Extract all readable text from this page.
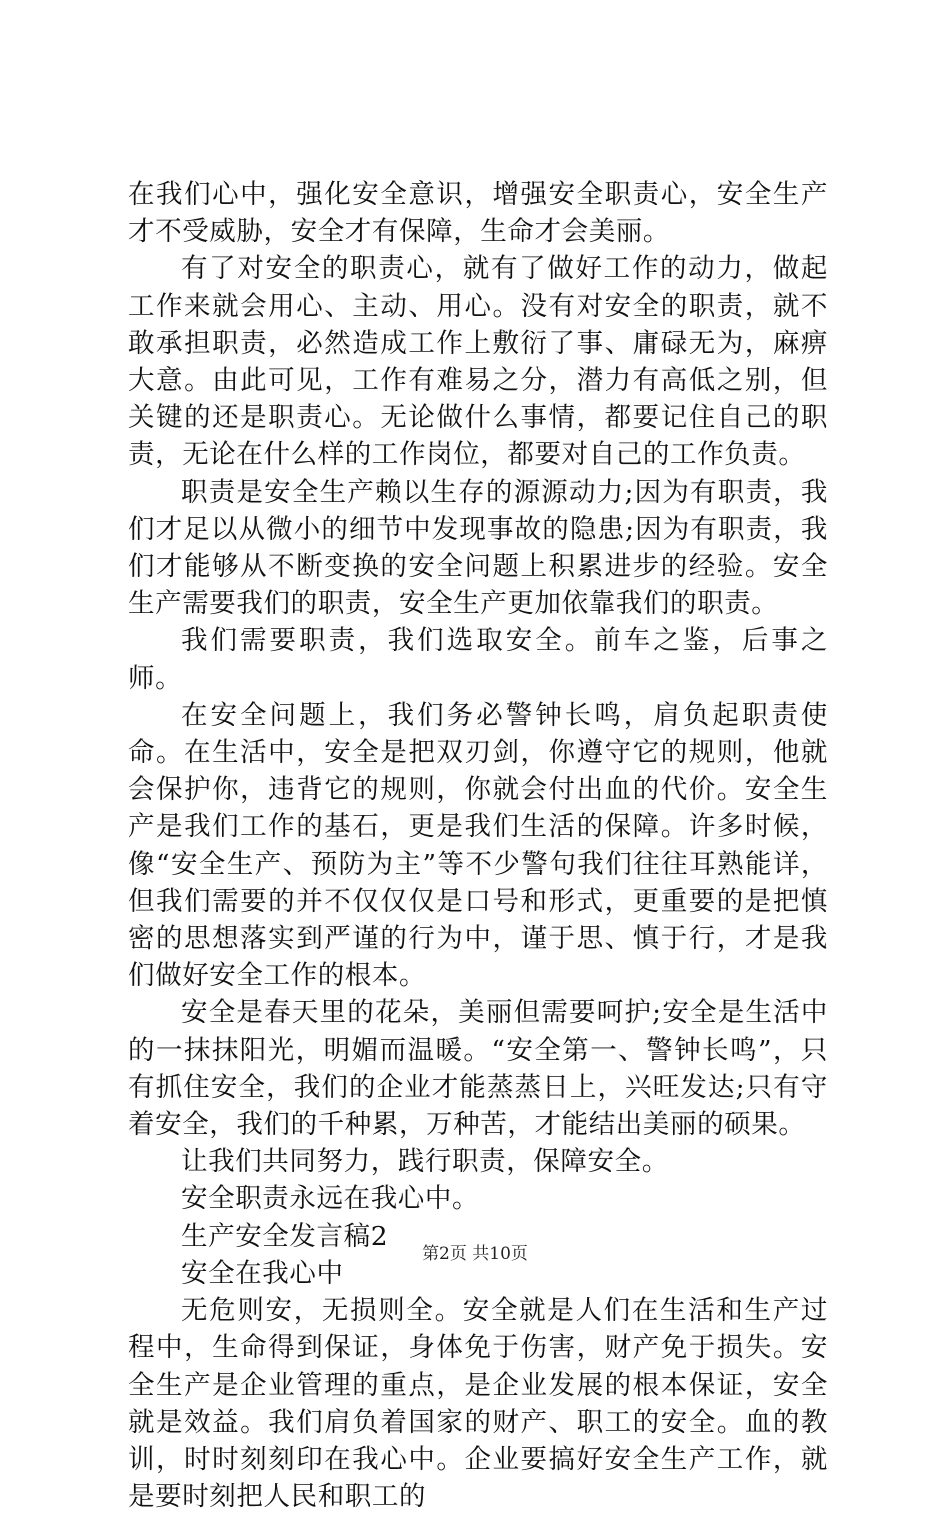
在我们心中，强化安全意识，增强安全职责心，安全生产才不受威胁，安全才有保障，生命才会美丽。

有了对安全的职责心，就有了做好工作的动力，做起工作来就会用心、主动、用心。没有对安全的职责，就不敢承担职责，必然造成工作上敷衍了事、庸碌无为，麻痹大意。由此可见，工作有难易之分，潜力有高低之别，但关键的还是职责心。无论做什么事情，都要记住自己的职责，无论在什么样的工作岗位，都要对自己的工作负责。

职责是安全生产赖以生存的源源动力;因为有职责，我们才足以从微小的细节中发现事故的隐患;因为有职责，我们才能够从不断变换的安全问题上积累进步的经验。安全生产需要我们的职责，安全生产更加依靠我们的职责。

我们需要职责，我们选取安全。前车之鉴，后事之师。

在安全问题上，我们务必警钟长鸣，肩负起职责使命。在生活中，安全是把双刃剑，你遵守它的规则，他就会保护你，违背它的规则，你就会付出血的代价。安全生产是我们工作的基石，更是我们生活的保障。许多时候，像“安全生产、预防为主”等不少警句我们往往耳熟能详，但我们需要的并不仅仅仅是口号和形式，更重要的是把慎密的思想落实到严谨的行为中，谨于思、慎于行，才是我们做好安全工作的根本。

安全是春天里的花朵，美丽但需要呵护;安全是生活中的一抹抹阳光，明媚而温暖。“安全第一、警钟长鸣”，只有抓住安全，我们的企业才能蒸蒸日上，兴旺发达;只有守着安全，我们的千种累，万种苦，才能结出美丽的硕果。

让我们共同努力，践行职责，保障安全。

安全职责永远在我心中。

生产安全发言稿2

安全在我心中

无危则安，无损则全。安全就是人们在生活和生产过程中，生命得到保证，身体免于伤害，财产免于损失。安全生产是企业管理的重点，是企业发展的根本保证，安全就是效益。我们肩负着国家的财产、职工的安全。血的教训，时时刻刻印在我心中。企业要搞好安全生产工作，就是要时刻把人民和职工的

第2页 共10页
